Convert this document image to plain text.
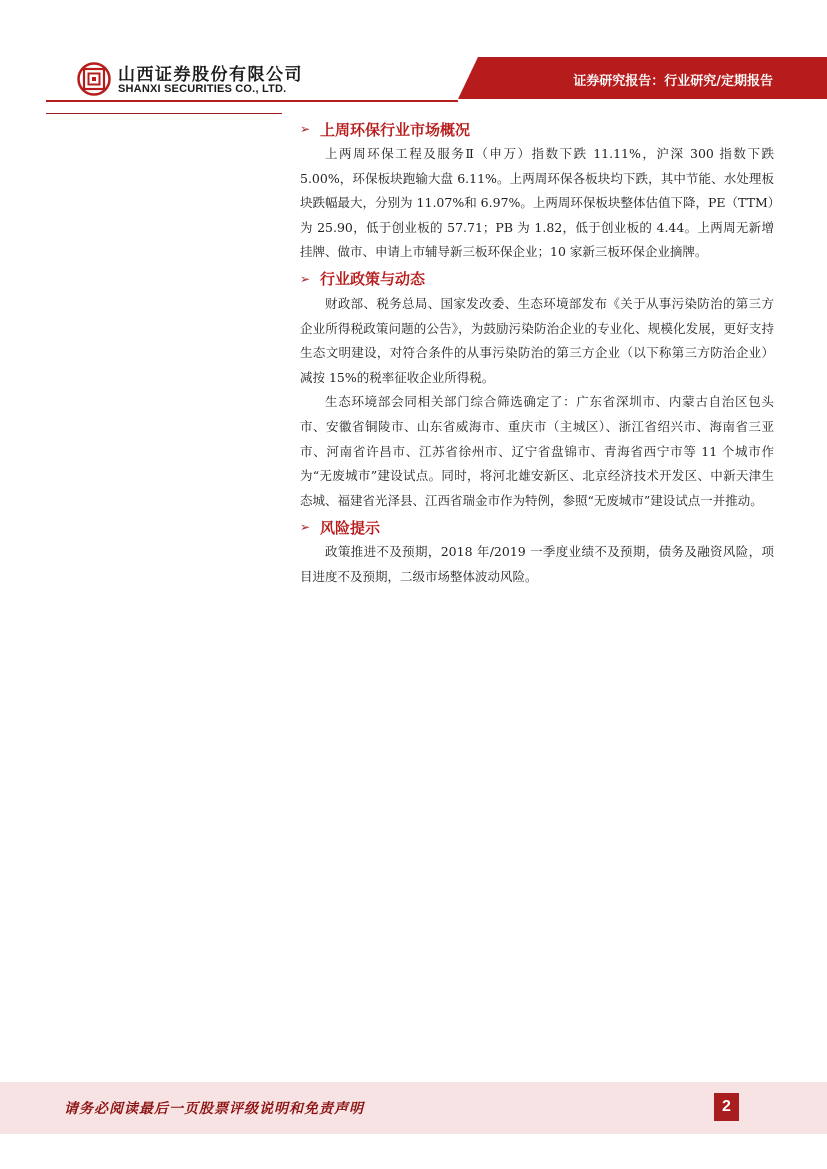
山西证券股份有限公司

SHANXI SECURITIES CO., LTD.	证券研究报告：行业研究/定期报告

➢ 上周环保行业市场概况

上两周环保工程及服务Ⅱ（申万）指数下跌 11.11%，沪深 300 指数下跌 5.00%，环保板块跑输大盘 6.11%。上两周环保各板块均下跌，其中节能、水处理板块跌幅最大，分别为 11.07%和 6.97%。上两周环保板块整体估值下降，PE（TTM）为 25.90，低于创业板的 57.71；PB 为 1.82，低于创业板的 4.44。上两周无新增挂牌、做市、申请上市辅导新三板环保企业；10 家新三板环保企业摘牌。

➢ 行业政策与动态

财政部、税务总局、国家发改委、生态环境部发布《关于从事污染防治的第三方企业所得税政策问题的公告》，为鼓励污染防治企业的专业化、规模化发展，更好支持生态文明建设，对符合条件的从事污染防治的第三方企业（以下称第三方防治企业）减按 15%的税率征收企业所得税。

生态环境部会同相关部门综合筛选确定了：广东省深圳市、内蒙古自治区包头市、安徽省铜陵市、山东省威海市、重庆市（主城区）、浙江省绍兴市、海南省三亚市、河南省许昌市、江苏省徐州市、辽宁省盘锦市、青海省西宁市等 11 个城市作为“无废城市”建设试点。同时，将河北雄安新区、北京经济技术开发区、中新天津生态城、福建省光泽县、江西省瑞金市作为特例，参照“无废城市”建设试点一并推动。

➢ 风险提示

政策推进不及预期，2018 年/2019 一季度业绩不及预期，债务及融资风险，项目进度不及预期，二级市场整体波动风险。

请务必阅读最后一页股票评级说明和免责声明	2
